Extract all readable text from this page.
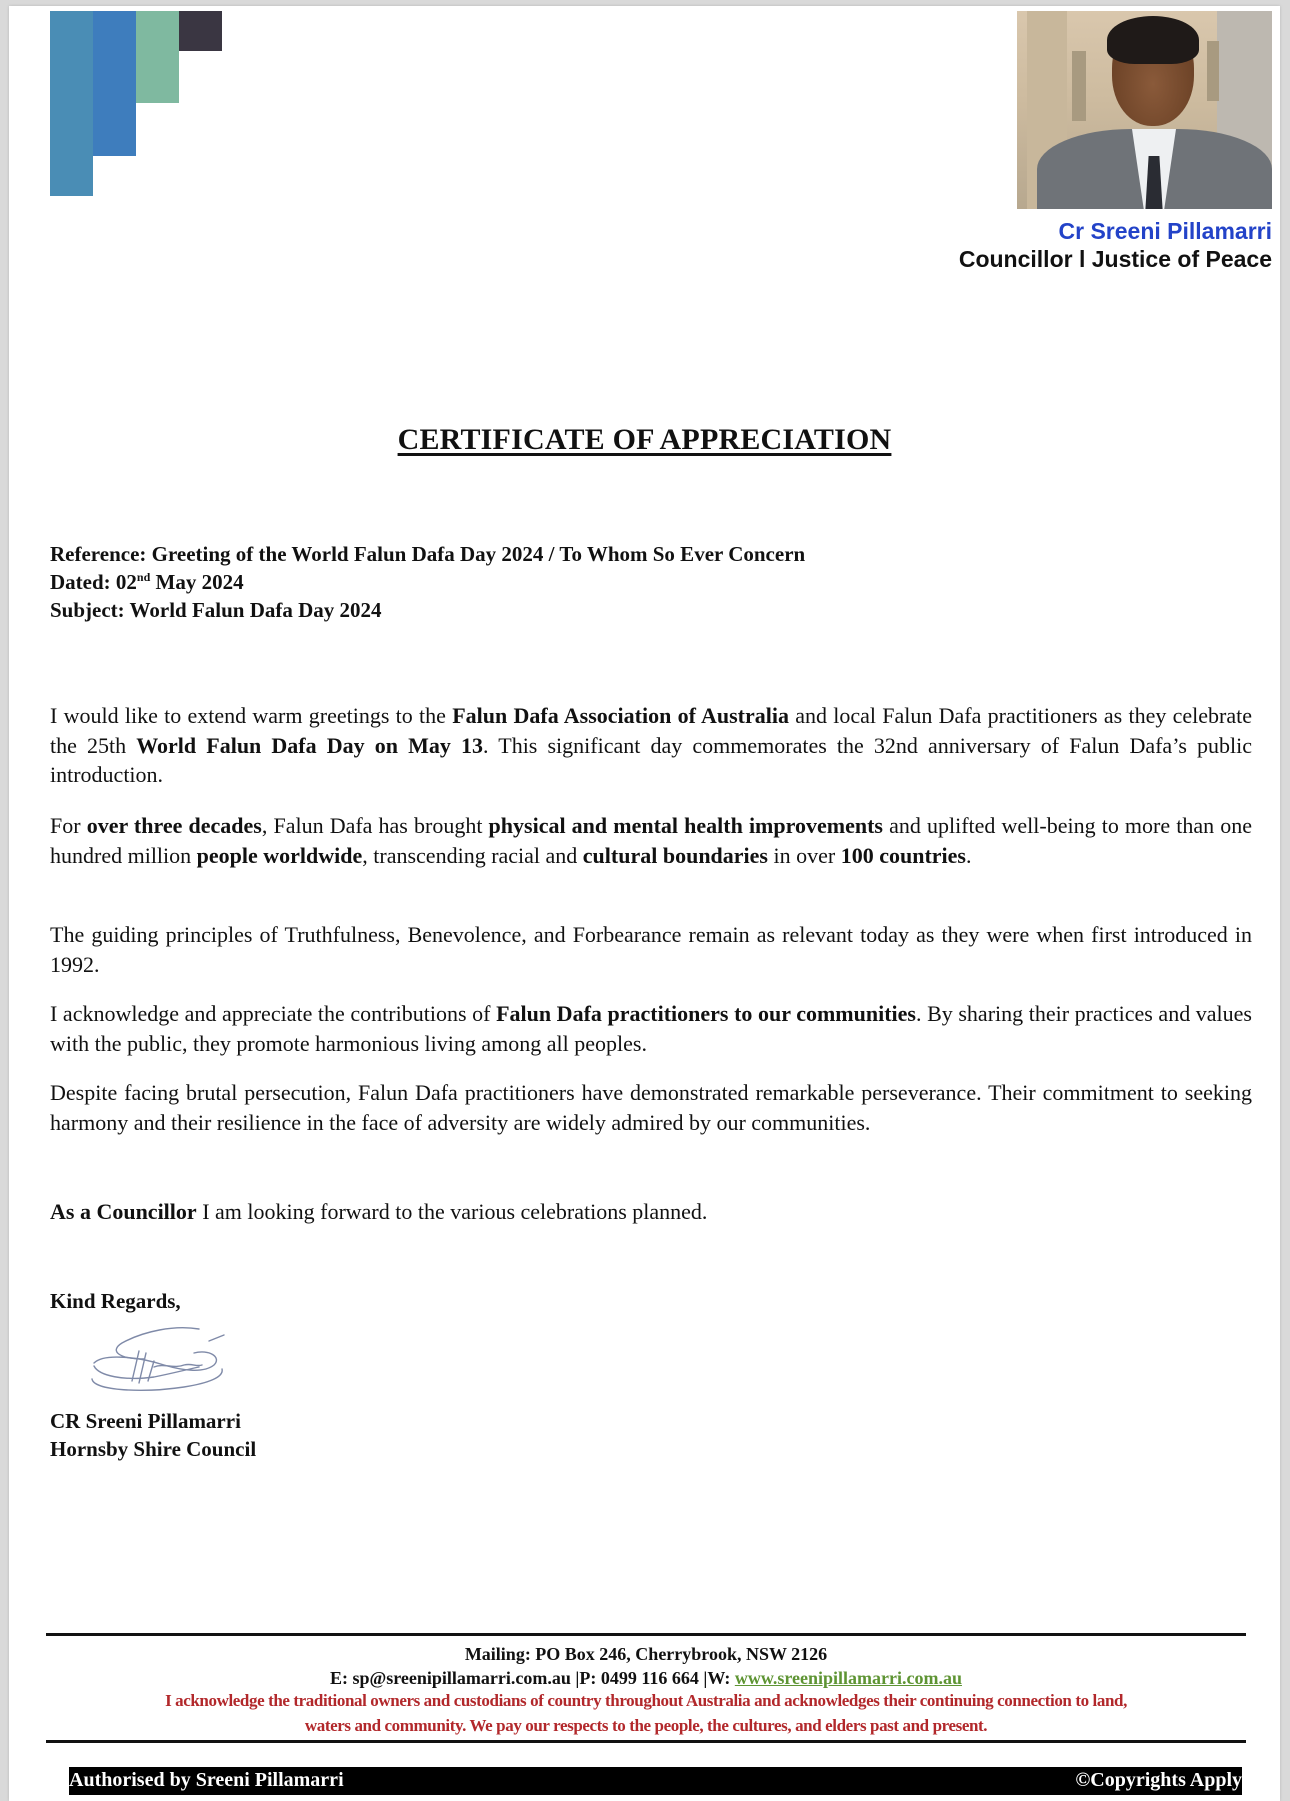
Cr Sreeni Pillamarri
Councillor l Justice of Peace
CERTIFICATE OF APPRECIATION
Reference: Greeting of the World Falun Dafa Day 2024 / To Whom So Ever Concern
Dated: 02nd May 2024
Subject: World Falun Dafa Day 2024
I would like to extend warm greetings to the Falun Dafa Association of Australia and local Falun Dafa practitioners as they celebrate the 25th World Falun Dafa Day on May 13. This significant day commemorates the 32nd anniversary of Falun Dafa’s public introduction.
For over three decades, Falun Dafa has brought physical and mental health improvements and uplifted well-being to more than one hundred million people worldwide, transcending racial and cultural boundaries in over 100 countries.
The guiding principles of Truthfulness, Benevolence, and Forbearance remain as relevant today as they were when first introduced in 1992.
I acknowledge and appreciate the contributions of Falun Dafa practitioners to our communities. By sharing their practices and values with the public, they promote harmonious living among all peoples.
Despite facing brutal persecution, Falun Dafa practitioners have demonstrated remarkable perseverance. Their commitment to seeking harmony and their resilience in the face of adversity are widely admired by our communities.
As a Councillor I am looking forward to the various celebrations planned.
Kind Regards,
CR Sreeni Pillamarri
Hornsby Shire Council
Mailing: PO Box 246, Cherrybrook, NSW 2126
E: sp@sreenipillamarri.com.au |P: 0499 116 664 |W: www.sreenipillamarri.com.au
I acknowledge the traditional owners and custodians of country throughout Australia and acknowledges their continuing connection to land,
waters and community. We pay our respects to the people, the cultures, and elders past and present.
Authorised by Sreeni Pillamarri	©Copyrights Apply
